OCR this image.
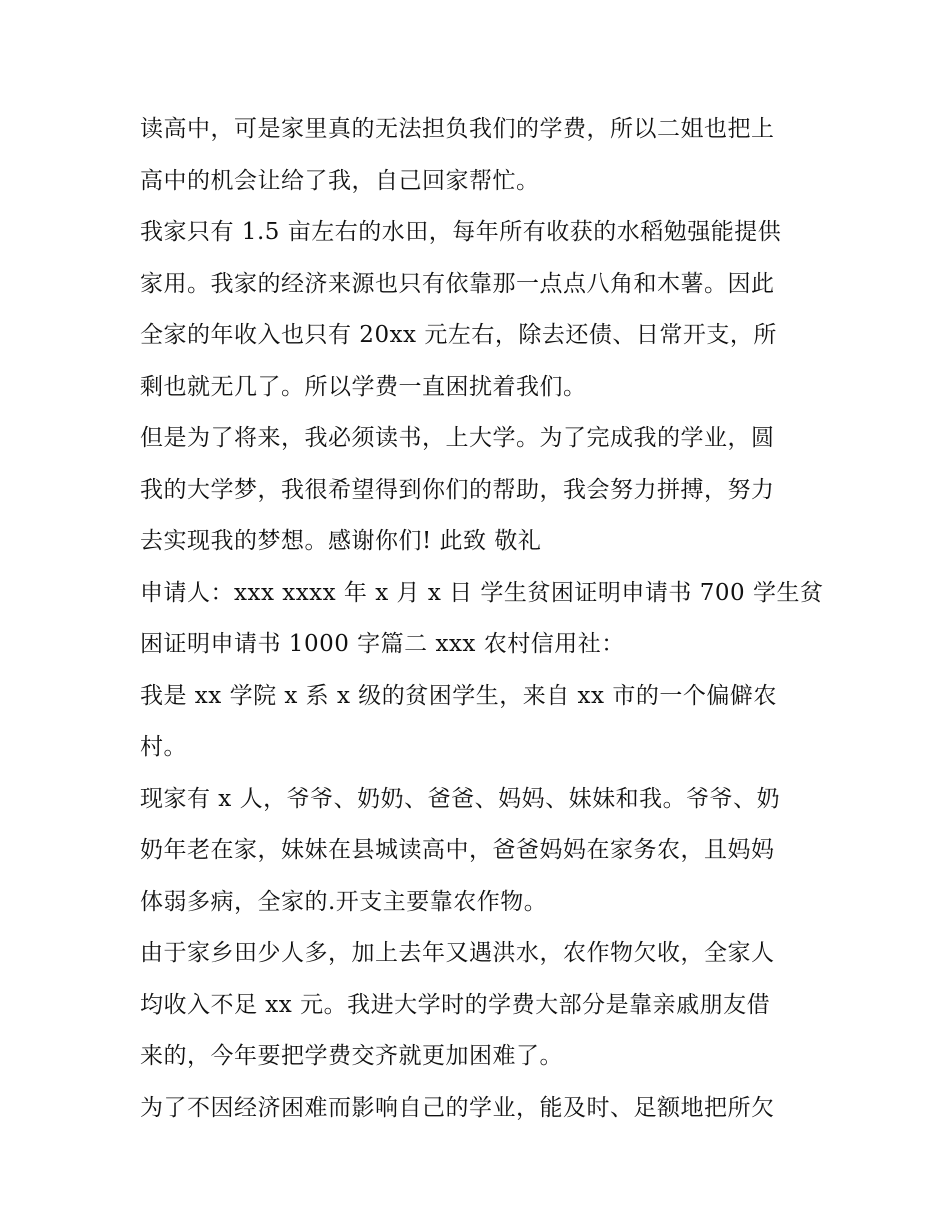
读高中，可是家里真的无法担负我们的学费，所以二姐也把上
高中的机会让给了我，自己回家帮忙。
我家只有 1.5 亩左右的水田，每年所有收获的水稻勉强能提供
家用。我家的经济来源也只有依靠那一点点八角和木薯。因此
全家的年收入也只有 20xx 元左右，除去还债、日常开支，所
剩也就无几了。所以学费一直困扰着我们。
但是为了将来，我必须读书，上大学。为了完成我的学业，圆
我的大学梦，我很希望得到你们的帮助，我会努力拼搏，努力
去实现我的梦想。感谢你们! 此致 敬礼
申请人：xxx xxxx 年 x 月 x 日 学生贫困证明申请书 700 学生贫
困证明申请书 1000 字篇二 xxx 农村信用社：
我是 xx 学院 x 系 x 级的贫困学生，来自 xx 市的一个偏僻农
村。
现家有 x 人，爷爷、奶奶、爸爸、妈妈、妹妹和我。爷爷、奶
奶年老在家，妹妹在县城读高中，爸爸妈妈在家务农，且妈妈
体弱多病，全家的.开支主要靠农作物。
由于家乡田少人多，加上去年又遇洪水，农作物欠收，全家人
均收入不足 xx 元。我进大学时的学费大部分是靠亲戚朋友借
来的，今年要把学费交齐就更加困难了。
为了不因经济困难而影响自己的学业，能及时、足额地把所欠
